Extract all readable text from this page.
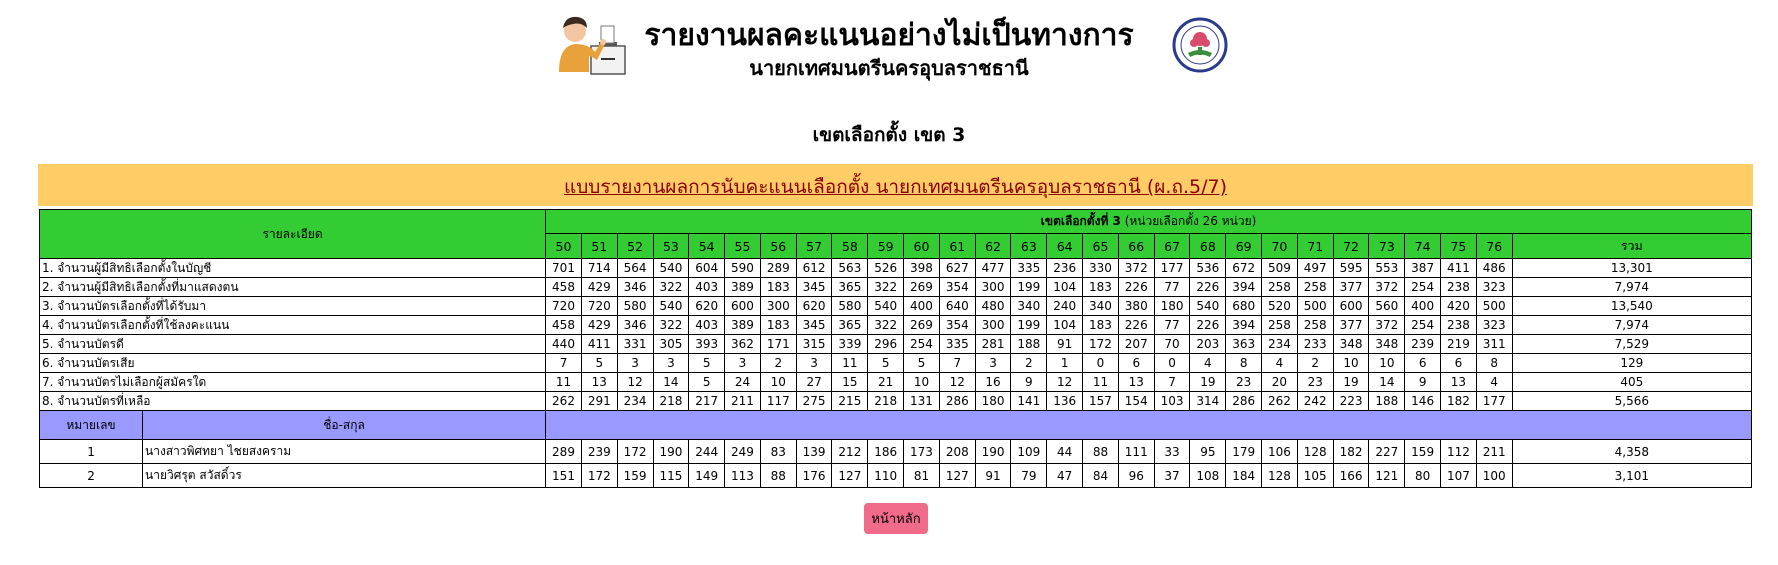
รายงานผลคะแนนอย่างไม่เป็นทางการ
นายกเทศมนตรีนครอุบลราชธานี
เขตเลือกตั้ง เขต 3
แบบรายงานผลการนับคะแนนเลือกตั้ง นายกเทศมนตรีนครอุบลราชธานี (ผ.ถ.5/7)
รายละเอียด		เขตเลือกตั้งที่ 3 (หน่วยเลือกตั้ง 26 หน่วย)																											
		50	51	52	53	54	55	56	57	58	59	60	61	62	63	64	65	66	67	68	69	70	71	72	73	74	75	76	รวม
1. จำนวนผู้มีสิทธิเลือกตั้งในบัญชี		701	714	564	540	604	590	289	612	563	526	398	627	477	335	236	330	372	177	536	672	509	497	595	553	387	411	486	13,301
2. จำนวนผู้มีสิทธิเลือกตั้งที่มาแสดงตน		458	429	346	322	403	389	183	345	365	322	269	354	300	199	104	183	226	77	226	394	258	258	377	372	254	238	323	7,974
3. จำนวนบัตรเลือกตั้งที่ได้รับมา		720	720	580	540	620	600	300	620	580	540	400	640	480	340	240	340	380	180	540	680	520	500	600	560	400	420	500	13,540
4. จำนวนบัตรเลือกตั้งที่ใช้ลงคะแนน		458	429	346	322	403	389	183	345	365	322	269	354	300	199	104	183	226	77	226	394	258	258	377	372	254	238	323	7,974
5. จำนวนบัตรดี		440	411	331	305	393	362	171	315	339	296	254	335	281	188	91	172	207	70	203	363	234	233	348	348	239	219	311	7,529
6. จำนวนบัตรเสีย		7	5	3	3	5	3	2	3	11	5	5	7	3	2	1	0	6	0	4	8	4	2	10	10	6	6	8	129
7. จำนวนบัตรไม่เลือกผู้สมัครใด		11	13	12	14	5	24	10	27	15	21	10	12	16	9	12	11	13	7	19	23	20	23	19	14	9	13	4	405
8. จำนวนบัตรที่เหลือ		262	291	234	218	217	211	117	275	215	218	131	286	180	141	136	157	154	103	314	286	262	242	223	188	146	182	177	5,566
หมายเลข	ชื่อ-สกุล																												
1	นางสาวพิศทยา ไชยสงคราม	289	239	172	190	244	249	83	139	212	186	173	208	190	109	44	88	111	33	95	179	106	128	182	227	159	112	211	4,358
2	นายวิศรุต สวัสดิ์วร	151	172	159	115	149	113	88	176	127	110	81	127	91	79	47	84	96	37	108	184	128	105	166	121	80	107	100	3,101
หน้าหลัก
